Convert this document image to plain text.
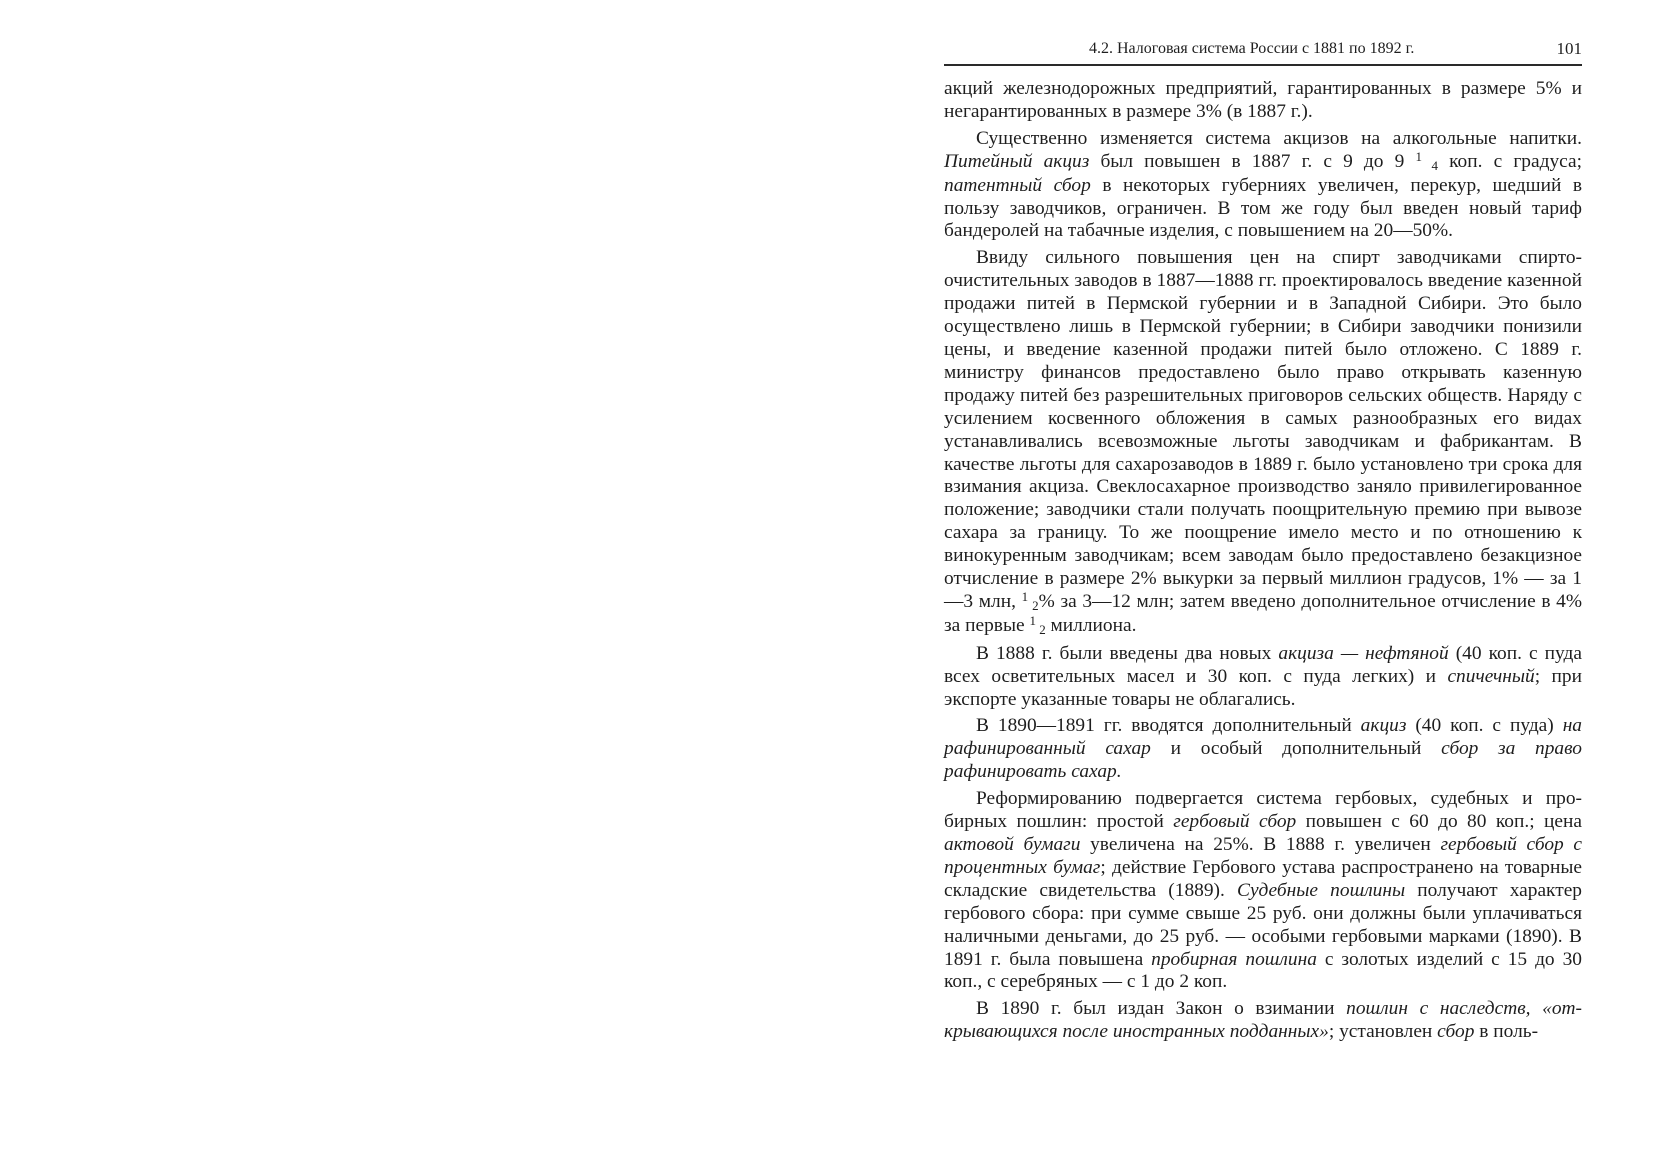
4.2. Налоговая система России с 1881 по 1892 г.	101

акций железнодорожных предприятий, гарантированных в размере 5% и негарантированных в размере 3% (в 1887 г.).

Существенно изменяется система акцизов на алкогольные напитки. Питейный акциз был повышен в 1887 г. с 9 до 9 $^1$ $_4$ коп. с градуса; патентный сбор в некоторых губерниях увеличен, перекур, шедший в пользу заводчиков, ограничен. В том же году был введен новый тариф бандеролей на табачные изделия, с повышением на 20—50%.

Ввиду сильного повышения цен на спирт заводчиками спиртоочистительных заводов в 1887—1888 гг. проектировалось введение казенной продажи питей в Пермской губернии и в Западной Сибири. Это было осуществлено лишь в Пермской губернии; в Сибири заводчики понизили цены, и введение казенной продажи питей было отложено. С 1889 г. министру финансов предоставлено было право открывать казенную продажу питей без разрешительных приговоров сельских обществ. Наряду с усилением косвенного обложения в самых разнообразных его видах устанавливались всевозможные льготы заводчикам и фабрикантам. В качестве льготы для сахарозаводов в 1889 г. было установлено три срока для взимания акциза. Свеклосахарное производство заняло привилегированное положение; заводчики стали получать поощрительную премию при вывозе сахара за границу. То же поощрение имело место и по отношению к винокуренным заводчикам; всем заводам было предоставлено безакцизное отчисление в размере 2% выкурки за первый миллион градусов, 1% — за 1—3 млн, $^1$ $_2$% за 3—12 млн; затем введено дополнительное отчисление в 4% за первые $^1$ $_2$ миллиона.

В 1888 г. были введены два новых акциза — нефтяной (40 коп. с пуда всех осветительных масел и 30 коп. с пуда легких) и спичечный; при экспорте указанные товары не облагались.

В 1890—1891 гг. вводятся дополнительный акциз (40 коп. с пуда) на рафинированный сахар и особый дополнительный сбор за право рафинировать сахар.

Реформированию подвергается система гербовых, судебных и пробирных пошлин: простой гербовый сбор повышен с 60 до 80 коп.; цена актовой бумаги увеличена на 25%. В 1888 г. увеличен гербовый сбор с процентных бумаг; действие Гербового устава распространено на товарные складские свидетельства (1889). Судебные пошлины получают характер гербового сбора: при сумме свыше 25 руб. они должны были уплачиваться наличными деньгами, до 25 руб. — особыми гербовыми марками (1890). В 1891 г. была повышена пробирная пошлина с золотых изделий с 15 до 30 коп., с серебряных — с 1 до 2 коп.

В 1890 г. был издан Закон о взимании пошлин с наследств, «открывающихся после иностранных подданных»; установлен сбор в поль-
